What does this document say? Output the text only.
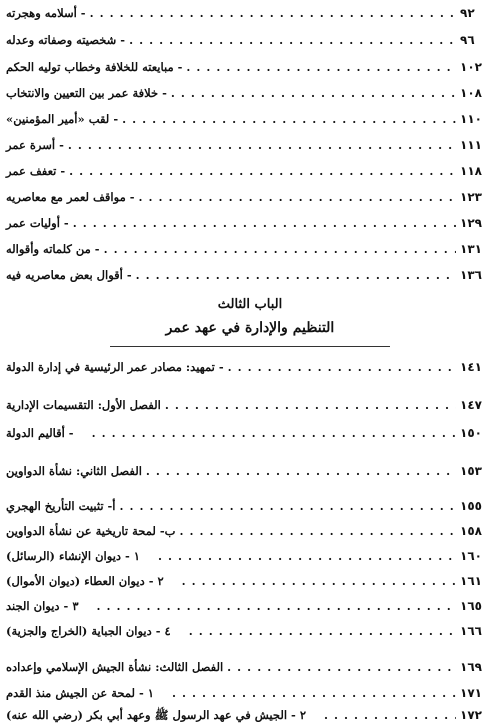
- أسلامه وهجرته . . .	٩٢
- شخصيته وصفاته وعدله . . .	٩٦
- مبايعته للخلافة وخطاب توليه الحكم . . .	١٠٢
- خلافة عمر بين التعيين والانتخاب . . .	١٠٨
- لقب «أمير المؤمنين» . . .	١١٠
- أسرة عمر . . .	١١١
- تعفف عمر . . .	١١٨
- مواقف لعمر مع معاصريه . . .	١٢٣
- أوليات عمر . . .	١٢٩
- من كلماته وأقواله . . .	١٣١
- أقوال بعض معاصريه فيه . . .	١٣٦
الباب الثالث
التنظيم والإدارة في عهد عمر
- تمهيد: مصادر عمر الرئيسية في إدارة الدولة . . .	١٤١
الفصل الأول: التقسيمات الإدارية . . .	١٤٧
- أقاليم الدولة . . .	١٥٠
الفصل الثاني: نشأة الدواوين . . .	١٥٣
أ- تثبيت التأريخ الهجري . . .	١٥٥
ب- لمحة تاريخية عن نشأة الدواوين . . .	١٥٨
١ - ديوان الإنشاء (الرسائل) . . .	١٦٠
٢ - ديوان العطاء (ديوان الأموال) . . .	١٦١
٣ - ديوان الجند . . .	١٦٥
٤ - ديوان الجباية (الخراج والجزية) . . .	١٦٦
الفصل الثالث: نشأة الجيش الإسلامي وإعداده . . .	١٦٩
١ - لمحة عن الجيش منذ القدم . . .	١٧١
٢ - الجيش في عهد الرسول ﷺ وعهد أبي بكر (رضي الله عنه) . . .	١٧٢
